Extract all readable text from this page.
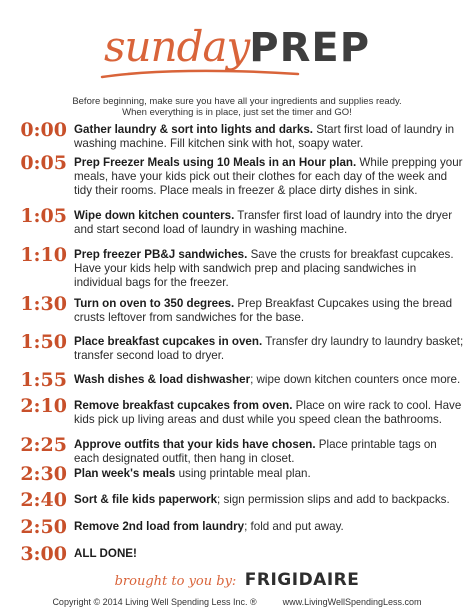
sundayPREP
Before beginning, make sure you have all your ingredients and supplies ready.
When everything is in place, just set the timer and GO!
0:00 Gather laundry & sort into lights and darks. Start first load of laundry in washing machine. Fill kitchen sink with hot, soapy water.
0:05 Prep Freezer Meals using 10 Meals in an Hour plan. While prepping your meals, have your kids pick out their clothes for each day of the week and tidy their rooms. Place meals in freezer & place dirty dishes in sink.
1:05 Wipe down kitchen counters. Transfer first load of laundry into the dryer and start second load of laundry in washing machine.
1:10 Prep freezer PB&J sandwiches. Save the crusts for breakfast cupcakes. Have your kids help with sandwich prep and placing sandwiches in individual bags for the freezer.
1:30 Turn on oven to 350 degrees. Prep Breakfast Cupcakes using the bread crusts leftover from sandwiches for the base.
1:50 Place breakfast cupcakes in oven. Transfer dry laundry to laundry basket; transfer second load to dryer.
1:55 Wash dishes & load dishwasher; wipe down kitchen counters once more.
2:10 Remove breakfast cupcakes from oven. Place on wire rack to cool. Have kids pick up living areas and dust while you speed clean the bathrooms.
2:25 Approve outfits that your kids have chosen. Place printable tags on each designated outfit, then hang in closet.
2:30 Plan week's meals using printable meal plan.
2:40 Sort & file kids paperwork; sign permission slips and add to backpacks.
2:50 Remove 2nd load from laundry; fold and put away.
3:00 ALL DONE!
brought to you by: FRIGIDAIRE
Copyright © 2014 Living Well Spending Less Inc. ®	www.LivingWellSpendingLess.com
